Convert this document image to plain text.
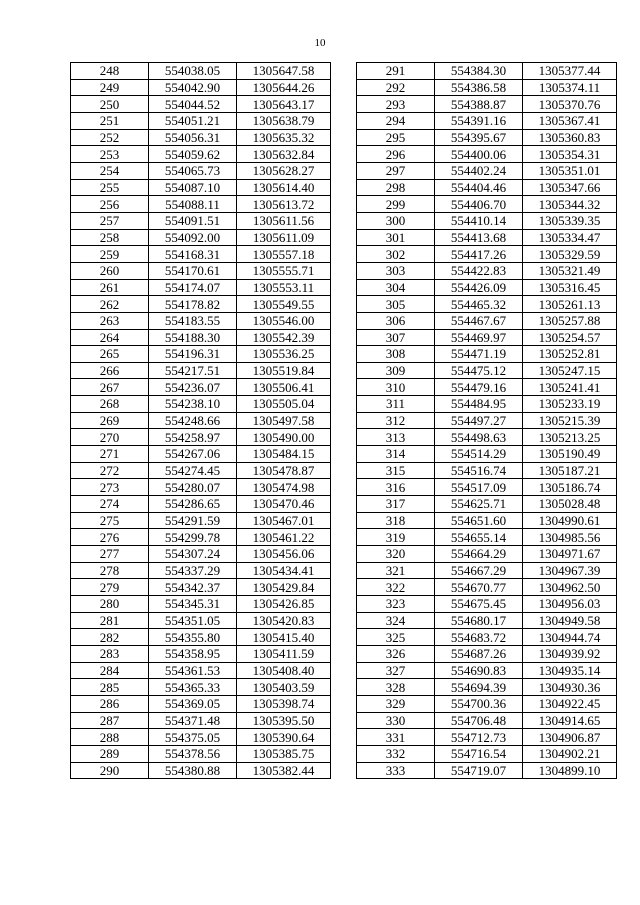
10
248	554038.05	1305647.58
249	554042.90	1305644.26
250	554044.52	1305643.17
251	554051.21	1305638.79
252	554056.31	1305635.32
253	554059.62	1305632.84
254	554065.73	1305628.27
255	554087.10	1305614.40
256	554088.11	1305613.72
257	554091.51	1305611.56
258	554092.00	1305611.09
259	554168.31	1305557.18
260	554170.61	1305555.71
261	554174.07	1305553.11
262	554178.82	1305549.55
263	554183.55	1305546.00
264	554188.30	1305542.39
265	554196.31	1305536.25
266	554217.51	1305519.84
267	554236.07	1305506.41
268	554238.10	1305505.04
269	554248.66	1305497.58
270	554258.97	1305490.00
271	554267.06	1305484.15
272	554274.45	1305478.87
273	554280.07	1305474.98
274	554286.65	1305470.46
275	554291.59	1305467.01
276	554299.78	1305461.22
277	554307.24	1305456.06
278	554337.29	1305434.41
279	554342.37	1305429.84
280	554345.31	1305426.85
281	554351.05	1305420.83
282	554355.80	1305415.40
283	554358.95	1305411.59
284	554361.53	1305408.40
285	554365.33	1305403.59
286	554369.05	1305398.74
287	554371.48	1305395.50
288	554375.05	1305390.64
289	554378.56	1305385.75
290	554380.88	1305382.44
291	554384.30	1305377.44
292	554386.58	1305374.11
293	554388.87	1305370.76
294	554391.16	1305367.41
295	554395.67	1305360.83
296	554400.06	1305354.31
297	554402.24	1305351.01
298	554404.46	1305347.66
299	554406.70	1305344.32
300	554410.14	1305339.35
301	554413.68	1305334.47
302	554417.26	1305329.59
303	554422.83	1305321.49
304	554426.09	1305316.45
305	554465.32	1305261.13
306	554467.67	1305257.88
307	554469.97	1305254.57
308	554471.19	1305252.81
309	554475.12	1305247.15
310	554479.16	1305241.41
311	554484.95	1305233.19
312	554497.27	1305215.39
313	554498.63	1305213.25
314	554514.29	1305190.49
315	554516.74	1305187.21
316	554517.09	1305186.74
317	554625.71	1305028.48
318	554651.60	1304990.61
319	554655.14	1304985.56
320	554664.29	1304971.67
321	554667.29	1304967.39
322	554670.77	1304962.50
323	554675.45	1304956.03
324	554680.17	1304949.58
325	554683.72	1304944.74
326	554687.26	1304939.92
327	554690.83	1304935.14
328	554694.39	1304930.36
329	554700.36	1304922.45
330	554706.48	1304914.65
331	554712.73	1304906.87
332	554716.54	1304902.21
333	554719.07	1304899.10
